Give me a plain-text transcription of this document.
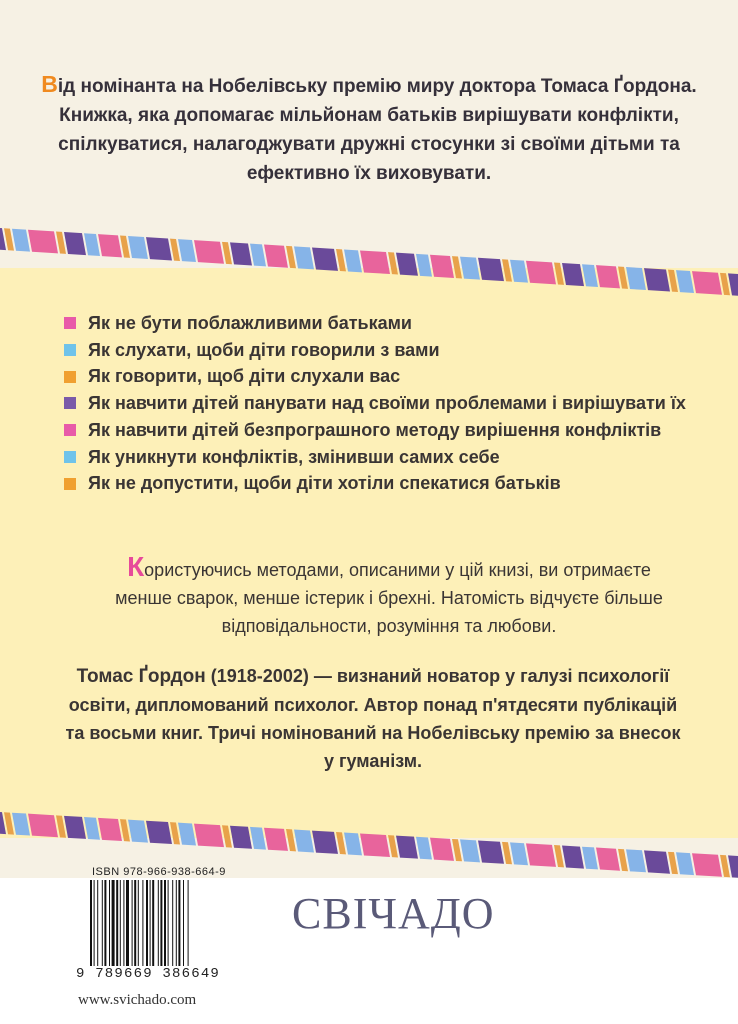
Від номінанта на Нобелівську премію миру доктора Томаса Ґордона. Книжка, яка допомагає мільйонам батьків вирішувати конфлікти, спілкуватися, налагоджувати дружні стосунки зі своїми дітьми та ефективно їх виховувати.
Як не бути поблажливими батьками
Як слухати, щоби діти говорили з вами
Як говорити, щоб діти слухали вас
Як навчити дітей панувати над своїми проблемами і вирішувати їх
Як навчити дітей безпрограшного методу вирішення конфліктів
Як уникнути конфліктів, змінивши самих себе
Як не допустити, щоби діти хотіли спекатися батьків
Користуючись методами, описаними у цій книзі, ви отримаєте менше сварок, менше істерик і брехні. Натомість відчуєте більше відповідальности, розуміння та любови.
Томас Ґордон (1918-2002) — визнаний новатор у галузі психології освіти, дипломований психолог. Автор понад п'ятдесяти публікацій та восьми книг. Тричі номінований на Нобелівську премію за внесок у гуманізм.
ISBN 978-966-938-664-9
9 789669 386649
СВІЧАДО
www.svichado.com
